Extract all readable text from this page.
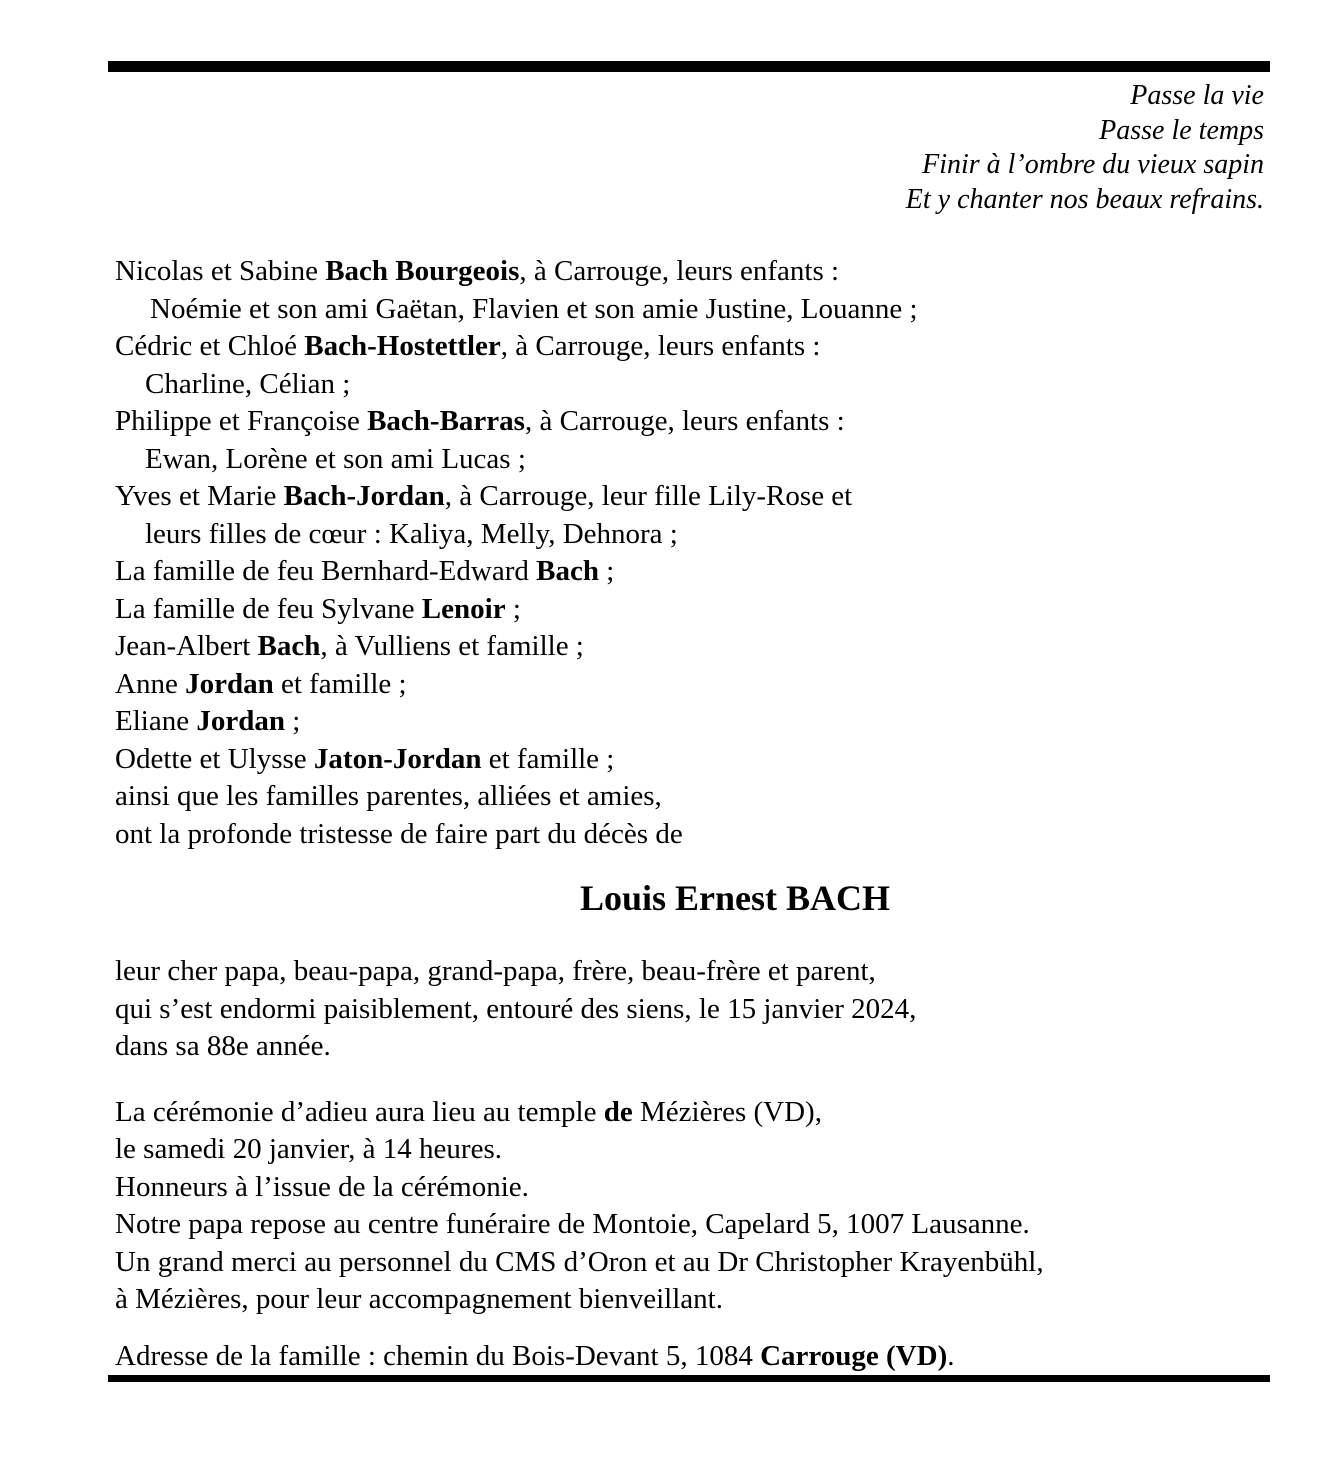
Passe la vie
Passe le temps
Finir à l’ombre du vieux sapin
Et y chanter nos beaux refrains.
Nicolas et Sabine Bach Bourgeois, à Carrouge, leurs enfants :
Noémie et son ami Gaëtan, Flavien et son amie Justine, Louanne ;
Cédric et Chloé Bach-Hostettler, à Carrouge, leurs enfants :
Charline, Célian ;
Philippe et Françoise Bach-Barras, à Carrouge, leurs enfants :
Ewan, Lorène et son ami Lucas ;
Yves et Marie Bach-Jordan, à Carrouge, leur fille Lily-Rose et
leurs filles de cœur : Kaliya, Melly, Dehnora ;
La famille de feu Bernhard-Edward Bach ;
La famille de feu Sylvane Lenoir ;
Jean-Albert Bach, à Vulliens et famille ;
Anne Jordan et famille ;
Eliane Jordan ;
Odette et Ulysse Jaton-Jordan et famille ;
ainsi que les familles parentes, alliées et amies,
ont la profonde tristesse de faire part du décès de
Louis Ernest BACH
leur cher papa, beau-papa, grand-papa, frère, beau-frère et parent,
qui s’est endormi paisiblement, entouré des siens, le 15 janvier 2024,
dans sa 88e année.
La cérémonie d’adieu aura lieu au temple de Mézières (VD),
le samedi 20 janvier, à 14 heures.
Honneurs à l’issue de la cérémonie.
Notre papa repose au centre funéraire de Montoie, Capelard 5, 1007 Lausanne.
Un grand merci au personnel du CMS d’Oron et au Dr Christopher Krayenbühl,
à Mézières, pour leur accompagnement bienveillant.
Adresse de la famille : chemin du Bois-Devant 5, 1084 Carrouge (VD).
